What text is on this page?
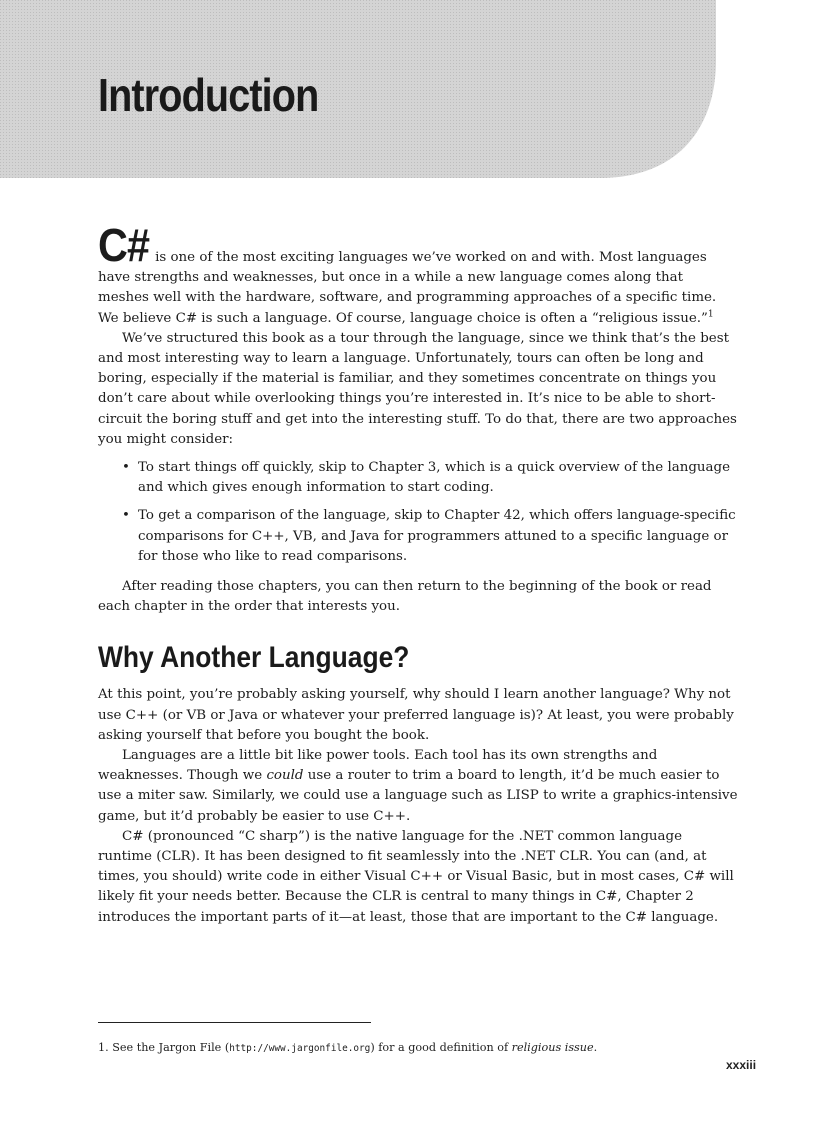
Introduction

C# is one of the most exciting languages we’ve worked on and with. Most languages have strengths and weaknesses, but once in a while a new language comes along that meshes well with the hardware, software, and programming approaches of a specific time. We believe C# is such a language. Of course, language choice is often a “religious issue.”$^1$

We’ve structured this book as a tour through the language, since we think that’s the best and most interesting way to learn a language. Unfortunately, tours can often be long and boring, especially if the material is familiar, and they sometimes concentrate on things you don’t care about while overlooking things you’re interested in. It’s nice to be able to short-circuit the boring stuff and get into the interesting stuff. To do that, there are two approaches you might consider:

• To start things off quickly, skip to Chapter 3, which is a quick overview of the language and which gives enough information to start coding.
• To get a comparison of the language, skip to Chapter 42, which offers language-specific comparisons for C++, VB, and Java for programmers attuned to a specific language or for those who like to read comparisons.

After reading those chapters, you can then return to the beginning of the book or read each chapter in the order that interests you.

Why Another Language?

At this point, you’re probably asking yourself, why should I learn another language? Why not use C++ (or VB or Java or whatever your preferred language is)? At least, you were probably asking yourself that before you bought the book.

Languages are a little bit like power tools. Each tool has its own strengths and weaknesses. Though we could use a router to trim a board to length, it’d be much easier to use a miter saw. Similarly, we could use a language such as LISP to write a graphics-intensive game, but it’d probably be easier to use C++.

C# (pronounced “C sharp”) is the native language for the .NET common language runtime (CLR). It has been designed to fit seamlessly into the .NET CLR. You can (and, at times, you should) write code in either Visual C++ or Visual Basic, but in most cases, C# will likely fit your needs better. Because the CLR is central to many things in C#, Chapter 2 introduces the important parts of it—at least, those that are important to the C# language.

1. See the Jargon File (http://www.jargonfile.org) for a good definition of religious issue.
xxxiii
